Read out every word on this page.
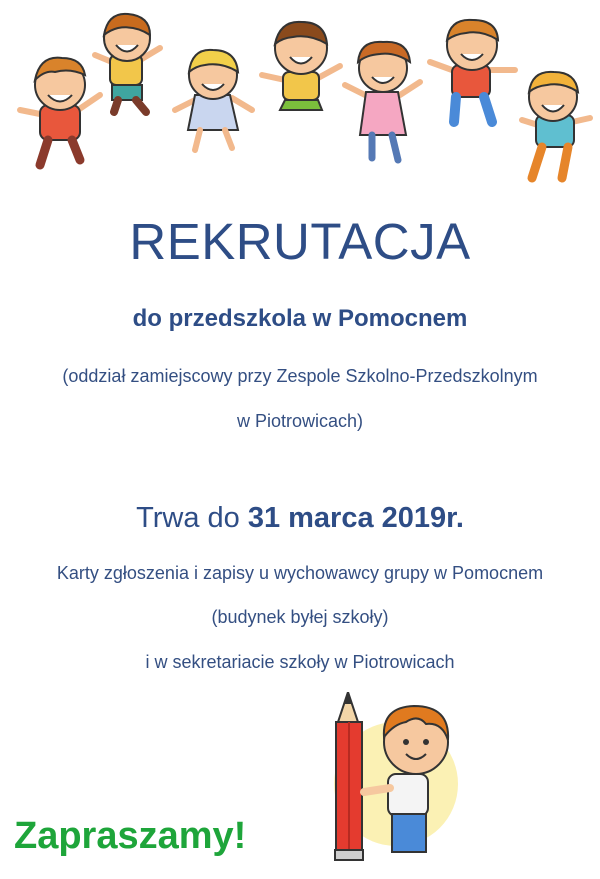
REKRUTACJA
do przedszkola w Pomocnem
(oddział zamiejscowy przy Zespole Szkolno-Przedszkolnym
w Piotrowicach)
Trwa do 31 marca 2019r.
Karty zgłoszenia i zapisy u wychowawcy grupy w Pomocnem
(budynek byłej szkoły)
i w sekretariacie szkoły w Piotrowicach
Zapraszamy!
